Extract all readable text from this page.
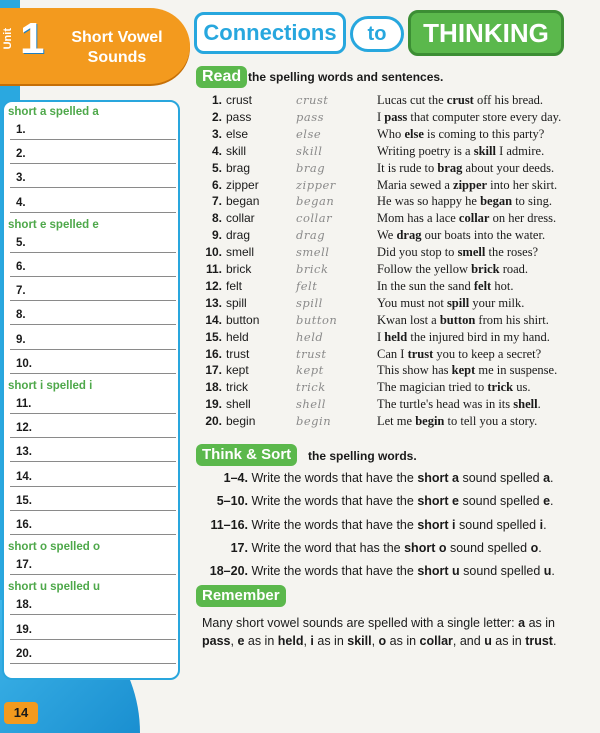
Unit 1	Short Vowel Sounds
Connections	to	THINKING
Read the spelling words and sentences.
short a spelled a
1.
2.
3.
4.
short e spelled e
5.
6.
7.
8.
9.
10.
short i spelled i
11.
12.
13.
14.
15.
16.
short o spelled o
17.
short u spelled u
18.
19.
20.
1. crust	crust	Lucas cut the crust off his bread.
2. pass	pass	I pass that computer store every day.
3. else	else	Who else is coming to this party?
4. skill	skill	Writing poetry is a skill I admire.
5. brag	brag	It is rude to brag about your deeds.
6. zipper	zipper	Maria sewed a zipper into her skirt.
7. began	began	He was so happy he began to sing.
8. collar	collar	Mom has a lace collar on her dress.
9. drag	drag	We drag our boats into the water.
10. smell	smell	Did you stop to smell the roses?
11. brick	brick	Follow the yellow brick road.
12. felt	felt	In the sun the sand felt hot.
13. spill	spill	You must not spill your milk.
14. button	button	Kwan lost a button from his shirt.
15. held	held	I held the injured bird in my hand.
16. trust	trust	Can I trust you to keep a secret?
17. kept	kept	This show has kept me in suspense.
18. trick	trick	The magician tried to trick us.
19. shell	shell	The turtle's head was in its shell.
20. begin	begin	Let me begin to tell you a story.
Think & Sort	the spelling words.
1–4. Write the words that have the short a sound spelled a.
5–10. Write the words that have the short e sound spelled e.
11–16. Write the words that have the short i sound spelled i.
17. Write the word that has the short o sound spelled o.
18–20. Write the words that have the short u sound spelled u.
Remember
Many short vowel sounds are spelled with a single letter: a as in pass, e as in held, i as in skill, o as in collar, and u as in trust.
14
